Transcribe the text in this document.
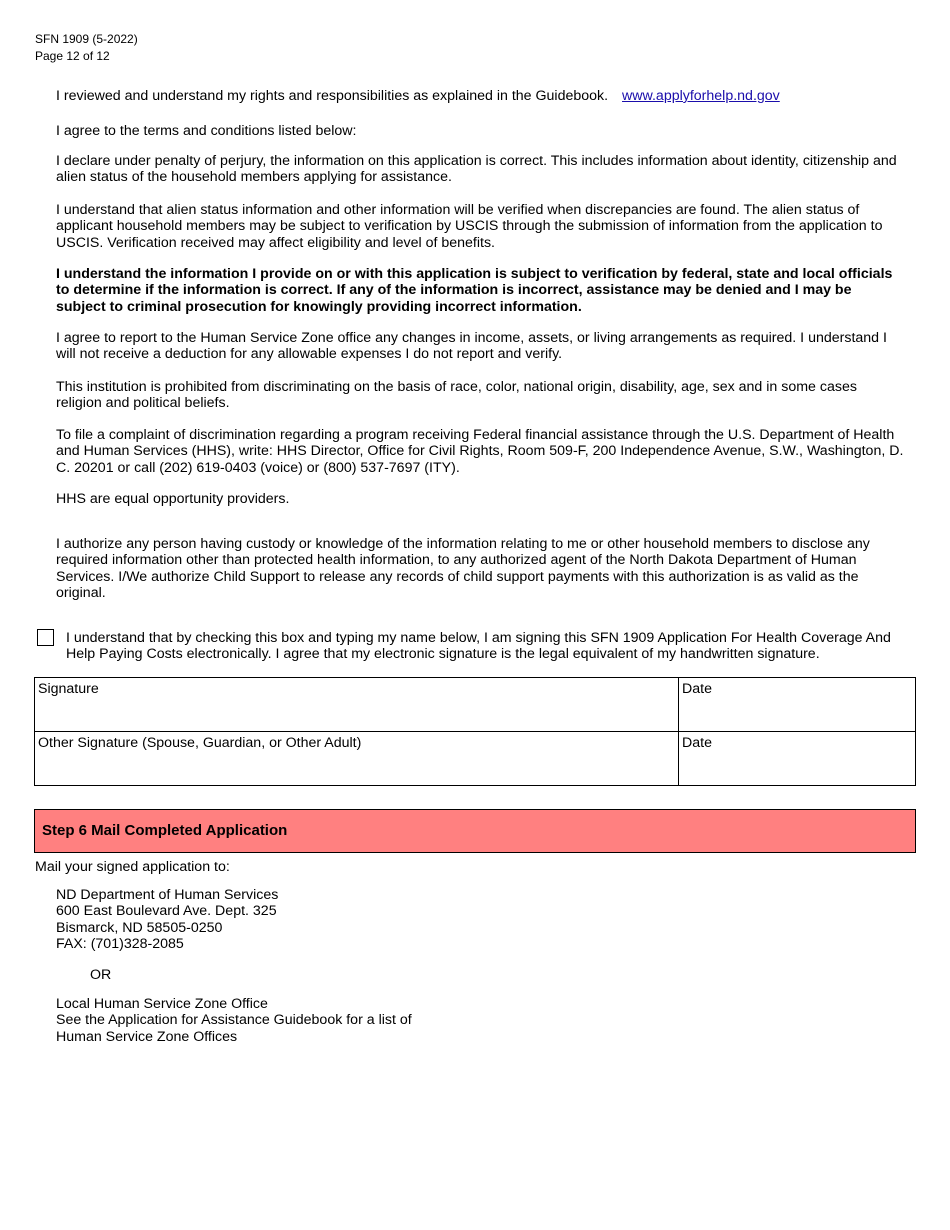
SFN 1909 (5-2022)
Page 12 of 12
I reviewed and understand my rights and responsibilities as explained in the Guidebook. www.applyforhelp.nd.gov

I agree to the terms and conditions listed below:

I declare under penalty of perjury, the information on this application is correct. This includes information about identity, citizenship and alien status of the household members applying for assistance.

I understand that alien status information and other information will be verified when discrepancies are found. The alien status of applicant household members may be subject to verification by USCIS through the submission of information from the application to USCIS. Verification received may affect eligibility and level of benefits.

I understand the information I provide on or with this application is subject to verification by federal, state and local officials to determine if the information is correct. If any of the information is incorrect, assistance may be denied and I may be subject to criminal prosecution for knowingly providing incorrect information.

I agree to report to the Human Service Zone office any changes in income, assets, or living arrangements as required. I understand I will not receive a deduction for any allowable expenses I do not report and verify.

This institution is prohibited from discriminating on the basis of race, color, national origin, disability, age, sex and in some cases religion and political beliefs.

To file a complaint of discrimination regarding a program receiving Federal financial assistance through the U.S. Department of Health and Human Services (HHS), write: HHS Director, Office for Civil Rights, Room 509-F, 200 Independence Avenue, S.W., Washington, D. C. 20201 or call (202) 619-0403 (voice) or (800) 537-7697 (ITY).

HHS are equal opportunity providers.

I authorize any person having custody or knowledge of the information relating to me or other household members to disclose any required information other than protected health information, to any authorized agent of the North Dakota Department of Human Services. I/We authorize Child Support to release any records of child support payments with this authorization is as valid as the original.

I understand that by checking this box and typing my name below, I am signing this SFN 1909 Application For Health Coverage And Help Paying Costs electronically. I agree that my electronic signature is the legal equivalent of my handwritten signature.

Signature	Date
Other Signature (Spouse, Guardian, or Other Adult)	Date
Step 6 Mail Completed Application
Mail your signed application to:
ND Department of Human Services
600 East Boulevard Ave. Dept. 325
Bismarck, ND 58505-0250
FAX: (701)328-2085
OR
Local Human Service Zone Office
See the Application for Assistance Guidebook for a list of
Human Service Zone Offices
